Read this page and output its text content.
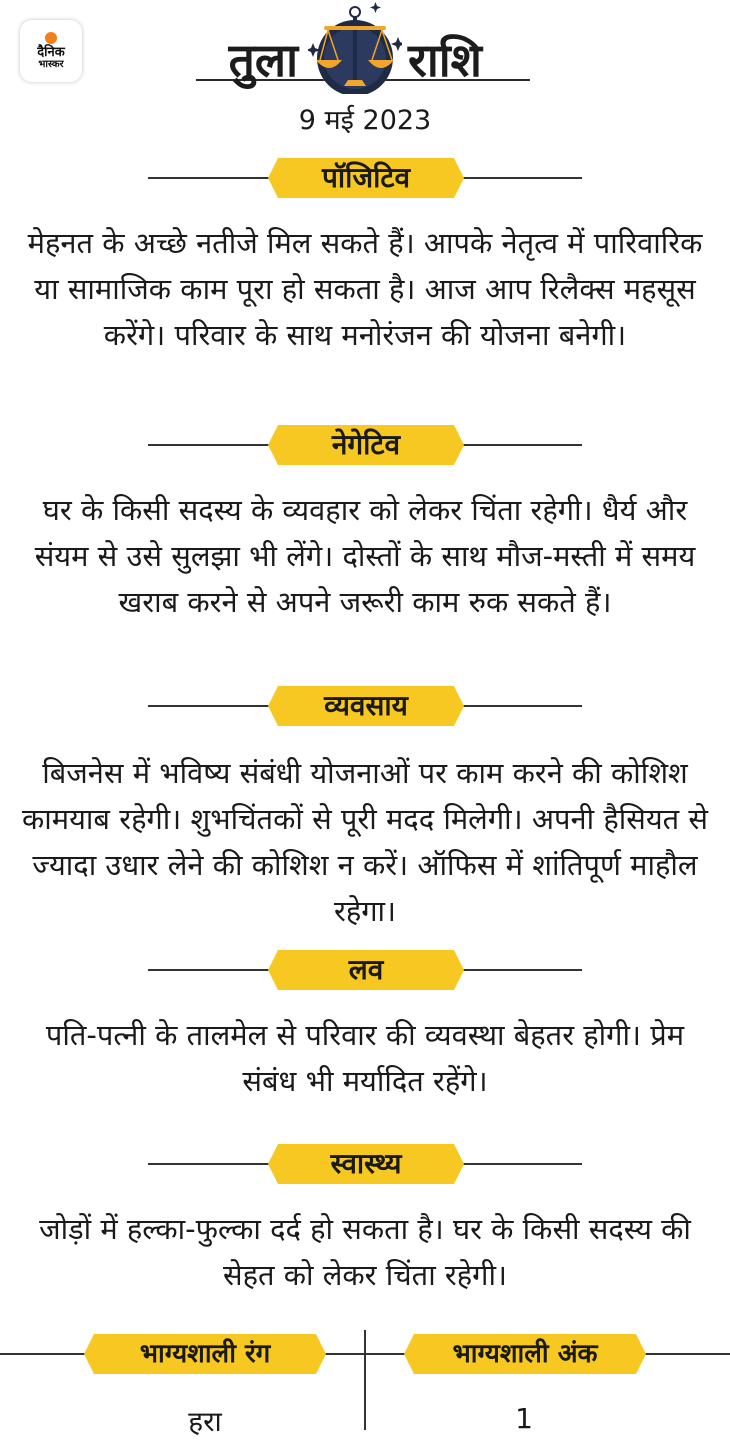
दैनिक
भास्कर	तुला राशि
9 मई 2023
पॉजिटिव
मेहनत के अच्छे नतीजे मिल सकते हैं। आपके नेतृत्व में पारिवारिक या सामाजिक काम पूरा हो सकता है। आज आप रिलैक्स महसूस करेंगे। परिवार के साथ मनोरंजन की योजना बनेगी।
नेगेटिव
घर के किसी सदस्य के व्यवहार को लेकर चिंता रहेगी। धैर्य और संयम से उसे सुलझा भी लेंगे। दोस्तों के साथ मौज-मस्ती में समय खराब करने से अपने जरूरी काम रुक सकते हैं।
व्यवसाय
बिजनेस में भविष्य संबंधी योजनाओं पर काम करने की कोशिश कामयाब रहेगी। शुभचिंतकों से पूरी मदद मिलेगी। अपनी हैसियत से ज्यादा उधार लेने की कोशिश न करें। ऑफिस में शांतिपूर्ण माहौल रहेगा।
लव
पति-पत्नी के तालमेल से परिवार की व्यवस्था बेहतर होगी। प्रेम संबंध भी मर्यादित रहेंगे।
स्वास्थ्य
जोड़ों में हल्का-फुल्का दर्द हो सकता है। घर के किसी सदस्य की सेहत को लेकर चिंता रहेगी।
भाग्यशाली रंग	भाग्यशाली अंक
हरा	1
